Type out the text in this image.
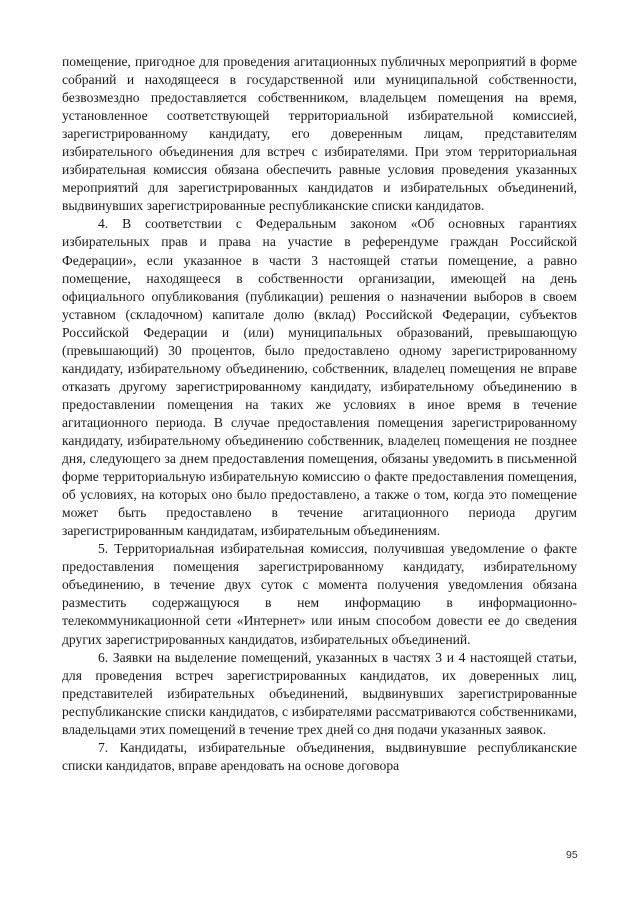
помещение, пригодное для проведения агитационных публичных мероприятий в форме собраний и находящееся в государственной или муниципальной собственности, безвозмездно предоставляется собственником, владельцем помещения на время, установленное соответствующей территориальной избирательной комиссией, зарегистрированному кандидату, его доверенным лицам, представителям избирательного объединения для встреч с избирателями. При этом территориальная избирательная комиссия обязана обеспечить равные условия проведения указанных мероприятий для зарегистрированных кандидатов и избирательных объединений, выдвинувших зарегистрированные республиканские списки кандидатов.

4. В соответствии с Федеральным законом «Об основных гарантиях избирательных прав и права на участие в референдуме граждан Российской Федерации», если указанное в части 3 настоящей статьи помещение, а равно помещение, находящееся в собственности организации, имеющей на день официального опубликования (публикации) решения о назначении выборов в своем уставном (складочном) капитале долю (вклад) Российской Федерации, субъектов Российской Федерации и (или) муниципальных образований, превышающую (превышающий) 30 процентов, было предоставлено одному зарегистрированному кандидату, избирательному объединению, собственник, владелец помещения не вправе отказать другому зарегистрированному кандидату, избирательному объединению в предоставлении помещения на таких же условиях в иное время в течение агитационного периода. В случае предоставления помещения зарегистрированному кандидату, избирательному объединению собственник, владелец помещения не позднее дня, следующего за днем предоставления помещения, обязаны уведомить в письменной форме территориальную избирательную комиссию о факте предоставления помещения, об условиях, на которых оно было предоставлено, а также о том, когда это помещение может быть предоставлено в течение агитационного периода другим зарегистрированным кандидатам, избирательным объединениям.

5. Территориальная избирательная комиссия, получившая уведомление о факте предоставления помещения зарегистрированному кандидату, избирательному объединению, в течение двух суток с момента получения уведомления обязана разместить содержащуюся в нем информацию в информационно-телекоммуникационной сети «Интернет» или иным способом довести ее до сведения других зарегистрированных кандидатов, избирательных объединений.

6. Заявки на выделение помещений, указанных в частях 3 и 4 настоящей статьи, для проведения встреч зарегистрированных кандидатов, их доверенных лиц, представителей избирательных объединений, выдвинувших зарегистрированные республиканские списки кандидатов, с избирателями рассматриваются собственниками, владельцами этих помещений в течение трех дней со дня подачи указанных заявок.

7. Кандидаты, избирательные объединения, выдвинувшие республиканские списки кандидатов, вправе арендовать на основе договора

95
